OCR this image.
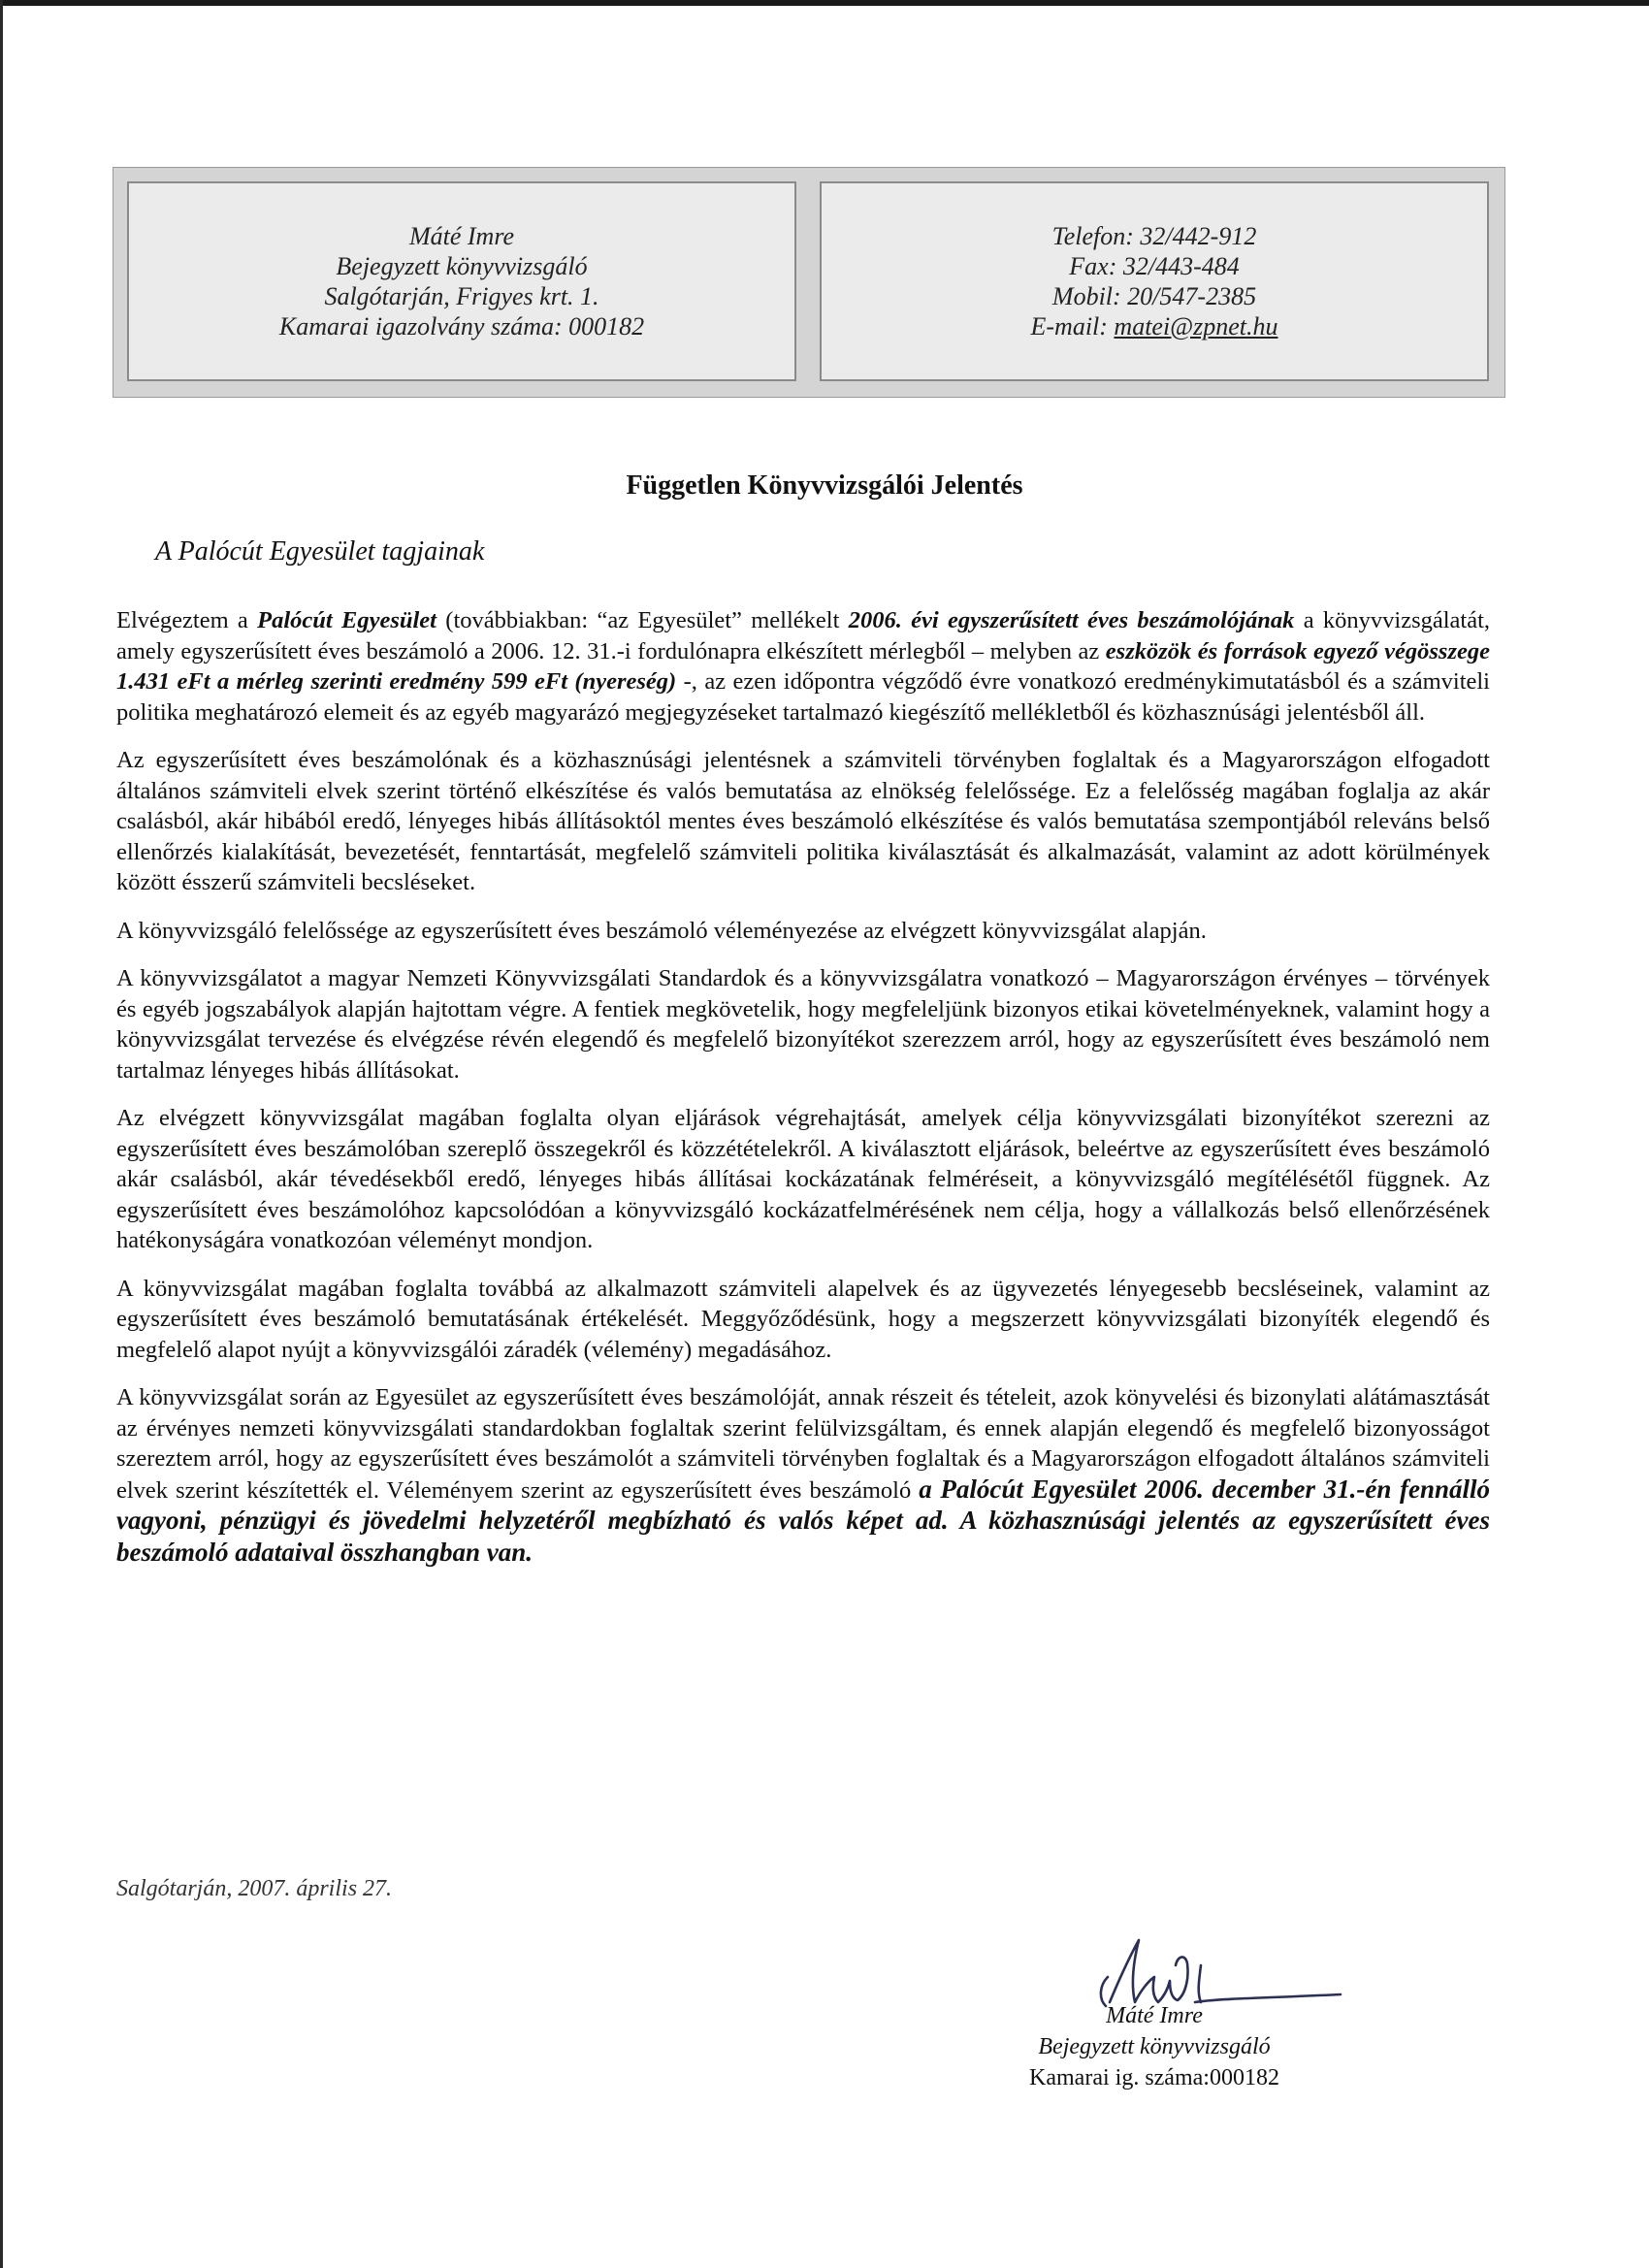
Máté Imre
Bejegyzett könyvvizsgáló
Salgótarján, Frigyes krt. 1.
Kamarai igazolvány száma: 000182
Telefon: 32/442-912
Fax: 32/443-484
Mobil: 20/547-2385
E-mail: matei@zpnet.hu
Független Könyvvizsgálói Jelentés
A Palócút Egyesület tagjainak

Elvégeztem a Palócút Egyesület (továbbiakban: “az Egyesület” mellékelt 2006. évi egyszerűsített éves beszámolójának a könyvvizsgálatát, amely egyszerűsített éves beszámoló a 2006. 12. 31.-i fordulónapra elkészített mérlegből – melyben az eszközök és források egyező végösszege 1.431 eFt a mérleg szerinti eredmény 599 eFt (nyereség) -, az ezen időpontra végződő évre vonatkozó eredménykimutatásból és a számviteli politika meghatározó elemeit és az egyéb magyarázó megjegyzéseket tartalmazó kiegészítő mellékletből és közhasznúsági jelentésből áll.

Az egyszerűsített éves beszámolónak és a közhasznúsági jelentésnek a számviteli törvényben foglaltak és a Magyarországon elfogadott általános számviteli elvek szerint történő elkészítése és valós bemutatása az elnökség felelőssége. Ez a felelősség magában foglalja az akár csalásból, akár hibából eredő, lényeges hibás állításoktól mentes éves beszámoló elkészítése és valós bemutatása szempontjából releváns belső ellenőrzés kialakítását, bevezetését, fenntartását, megfelelő számviteli politika kiválasztását és alkalmazását, valamint az adott körülmények között ésszerű számviteli becsléseket.

A könyvvizsgáló felelőssége az egyszerűsített éves beszámoló véleményezése az elvégzett könyvvizsgálat alapján.

A könyvvizsgálatot a magyar Nemzeti Könyvvizsgálati Standardok és a könyvvizsgálatra vonatkozó – Magyarországon érvényes – törvények és egyéb jogszabályok alapján hajtottam végre. A fentiek megkövetelik, hogy megfeleljünk bizonyos etikai követelményeknek, valamint hogy a könyvvizsgálat tervezése és elvégzése révén elegendő és megfelelő bizonyítékot szerezzem arról, hogy az egyszerűsített éves beszámoló nem tartalmaz lényeges hibás állításokat.

Az elvégzett könyvvizsgálat magában foglalta olyan eljárások végrehajtását, amelyek célja könyvvizsgálati bizonyítékot szerezni az egyszerűsített éves beszámolóban szereplő összegekről és közzétételekről. A kiválasztott eljárások, beleértve az egyszerűsített éves beszámoló akár csalásból, akár tévedésekből eredő, lényeges hibás állításai kockázatának felméréseit, a könyvvizsgáló megítélésétől függnek. Az egyszerűsített éves beszámolóhoz kapcsolódóan a könyvvizsgáló kockázatfelmérésének nem célja, hogy a vállalkozás belső ellenőrzésének hatékonyságára vonatkozóan véleményt mondjon.

A könyvvizsgálat magában foglalta továbbá az alkalmazott számviteli alapelvek és az ügyvezetés lényegesebb becsléseinek, valamint az egyszerűsített éves beszámoló bemutatásának értékelését. Meggyőződésünk, hogy a megszerzett könyvvizsgálati bizonyíték elegendő és megfelelő alapot nyújt a könyvvizsgálói záradék (vélemény) megadásához.

A könyvvizsgálat során az Egyesület az egyszerűsített éves beszámolóját, annak részeit és tételeit, azok könyvelési és bizonylati alátámasztását az érvényes nemzeti könyvvizsgálati standardokban foglaltak szerint felülvizsgáltam, és ennek alapján elegendő és megfelelő bizonyosságot szereztem arról, hogy az egyszerűsített éves beszámolót a számviteli törvényben foglaltak és a Magyarországon elfogadott általános számviteli elvek szerint készítették el. Véleményem szerint az egyszerűsített éves beszámoló a Palócút Egyesület 2006. december 31.-én fennálló vagyoni, pénzügyi és jövedelmi helyzetéről megbízható és valós képet ad. A közhasznúsági jelentés az egyszerűsített éves beszámoló adataival összhangban van.

Salgótarján, 2007. április 27.
Máté Imre
Bejegyzett könyvvizsgáló
Kamarai ig. száma:000182
